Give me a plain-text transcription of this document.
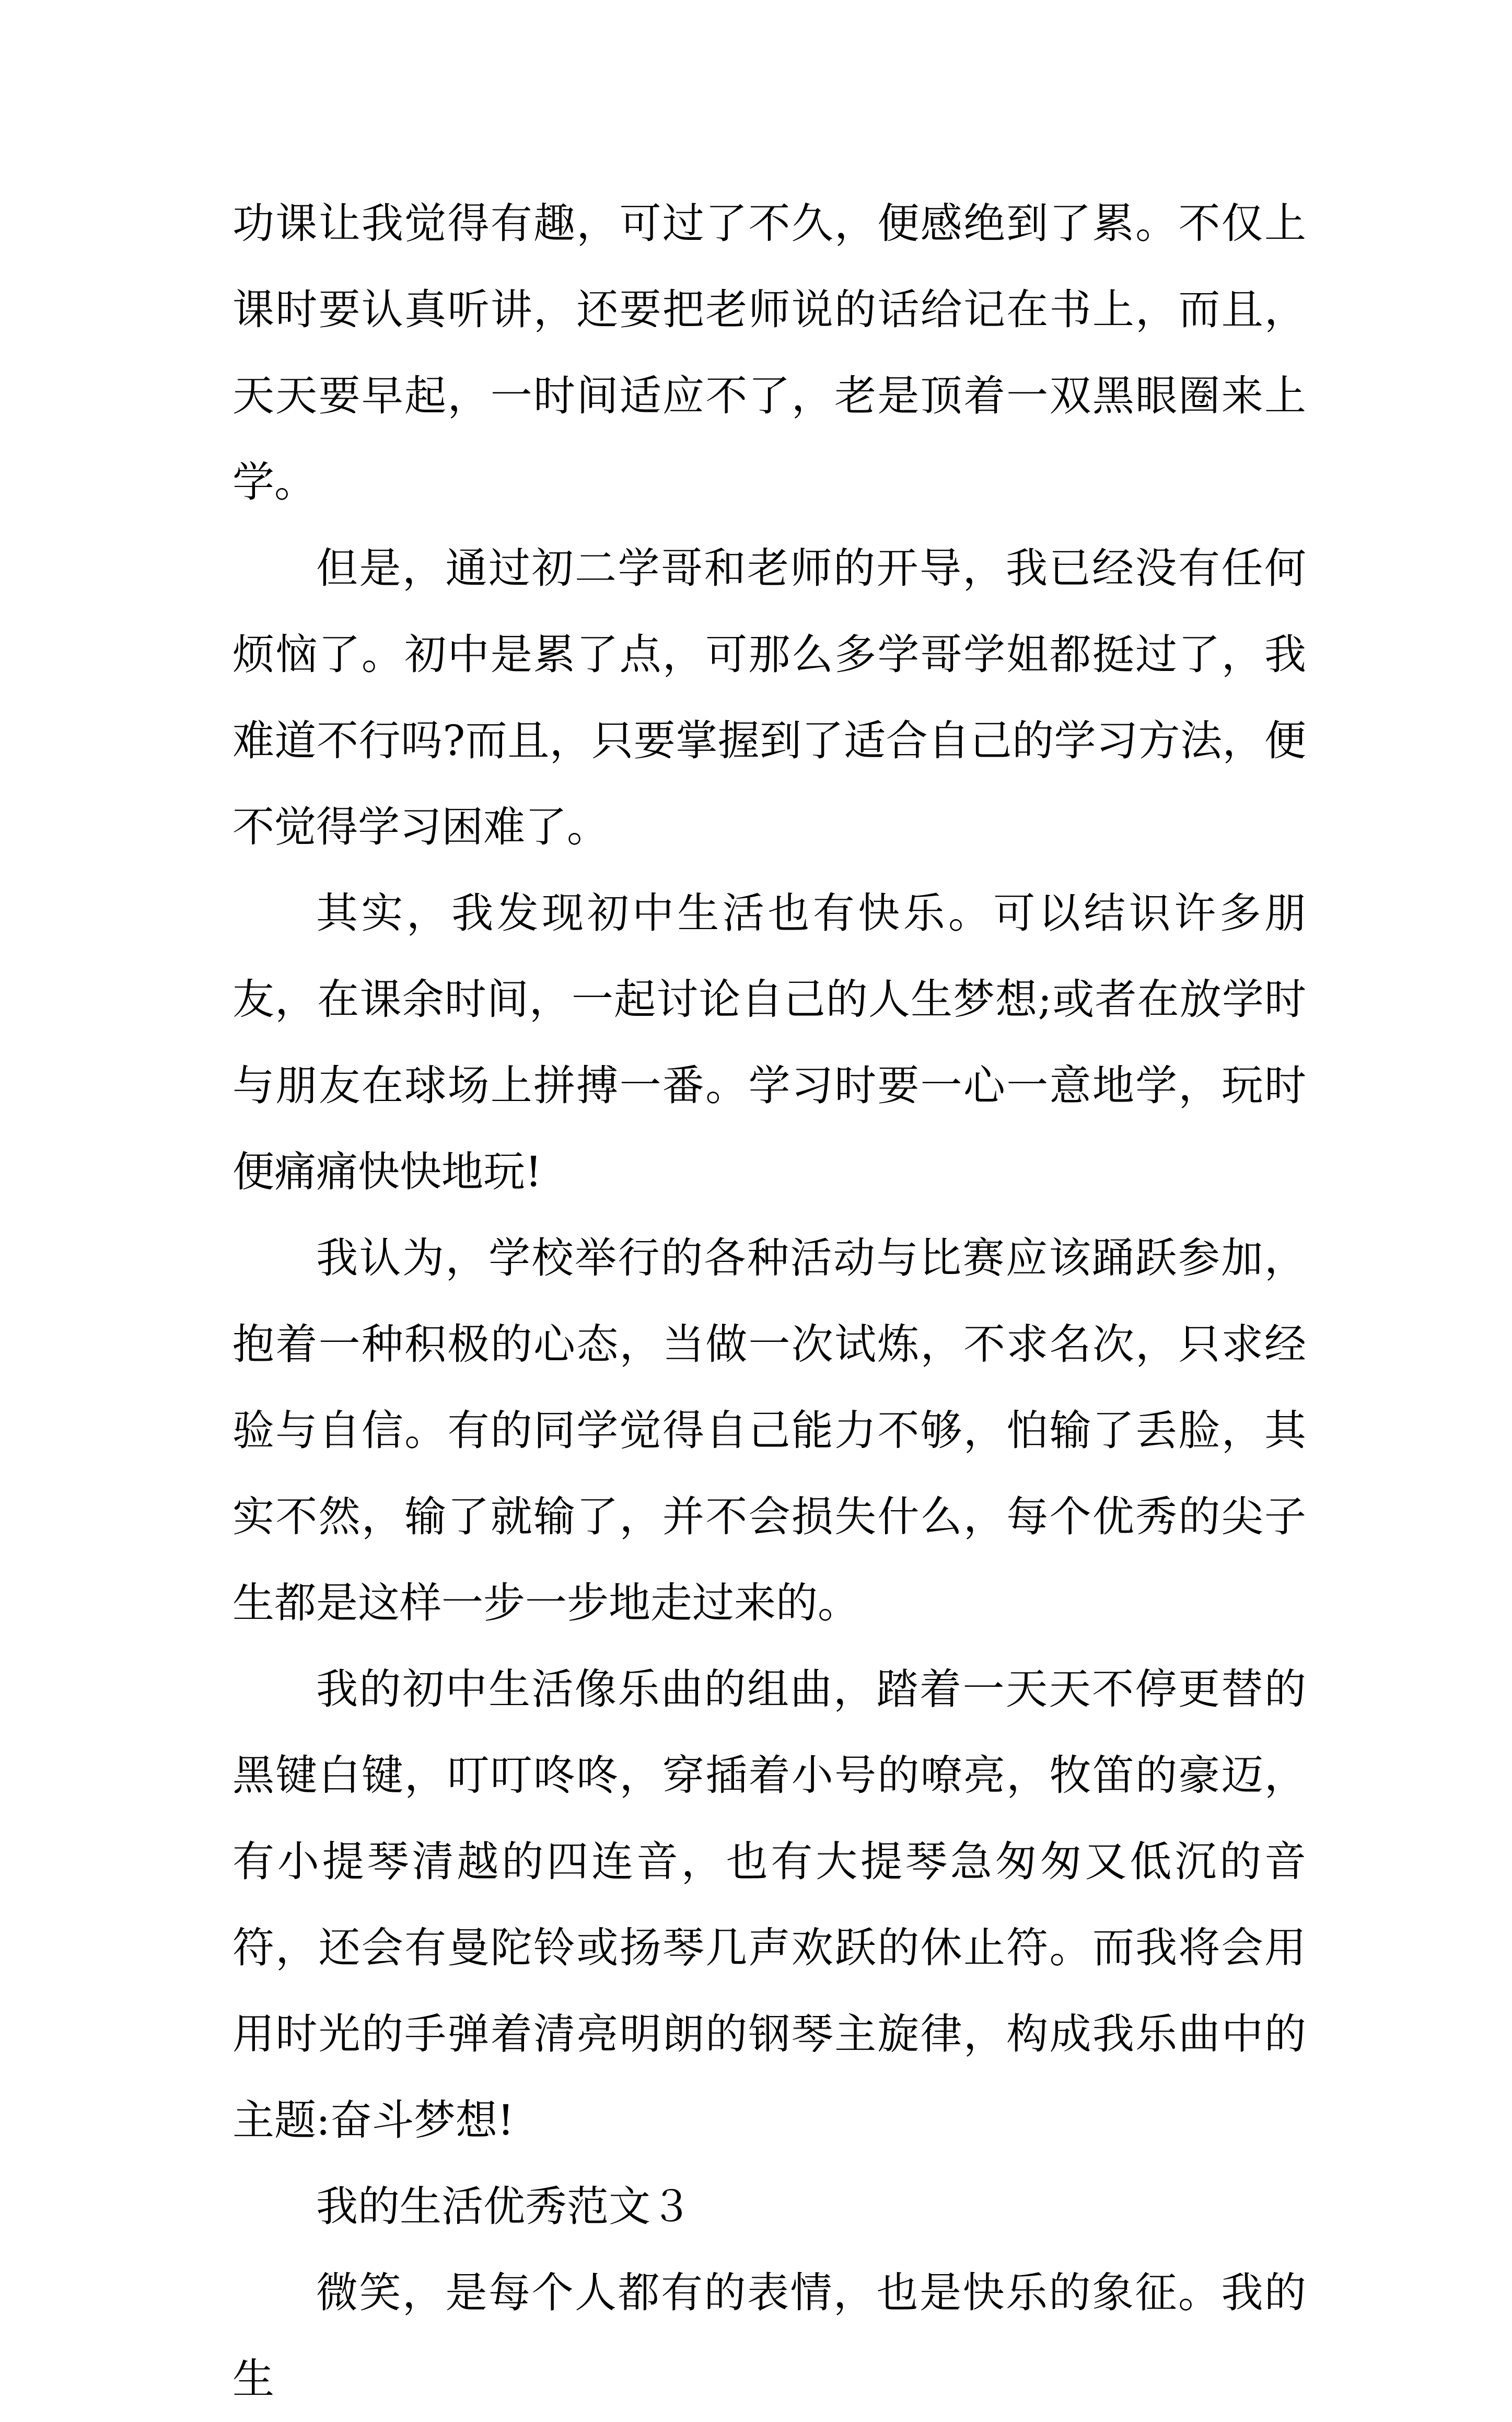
功课让我觉得有趣，可过了不久，便感绝到了累。不仅上课时要认真听讲，还要把老师说的话给记在书上，而且，天天要早起，一时间适应不了，老是顶着一双黑眼圈来上学。

但是，通过初二学哥和老师的开导，我已经没有任何烦恼了。初中是累了点，可那么多学哥学姐都挺过了，我难道不行吗?而且，只要掌握到了适合自己的学习方法，便不觉得学习困难了。

其实，我发现初中生活也有快乐。可以结识许多朋友，在课余时间，一起讨论自己的人生梦想;或者在放学时与朋友在球场上拼搏一番。学习时要一心一意地学，玩时便痛痛快快地玩!

我认为，学校举行的各种活动与比赛应该踊跃参加，抱着一种积极的心态，当做一次试炼，不求名次，只求经验与自信。有的同学觉得自己能力不够，怕输了丢脸，其实不然，输了就输了，并不会损失什么，每个优秀的尖子生都是这样一步一步地走过来的。

我的初中生活像乐曲的组曲，踏着一天天不停更替的黑键白键，叮叮咚咚，穿插着小号的嘹亮，牧笛的豪迈，有小提琴清越的四连音，也有大提琴急匆匆又低沉的音符，还会有曼陀铃或扬琴几声欢跃的休止符。而我将会用用时光的手弹着清亮明朗的钢琴主旋律，构成我乐曲中的主题:奋斗梦想!

我的生活优秀范文３

微笑，是每个人都有的表情，也是快乐的象征。我的生
